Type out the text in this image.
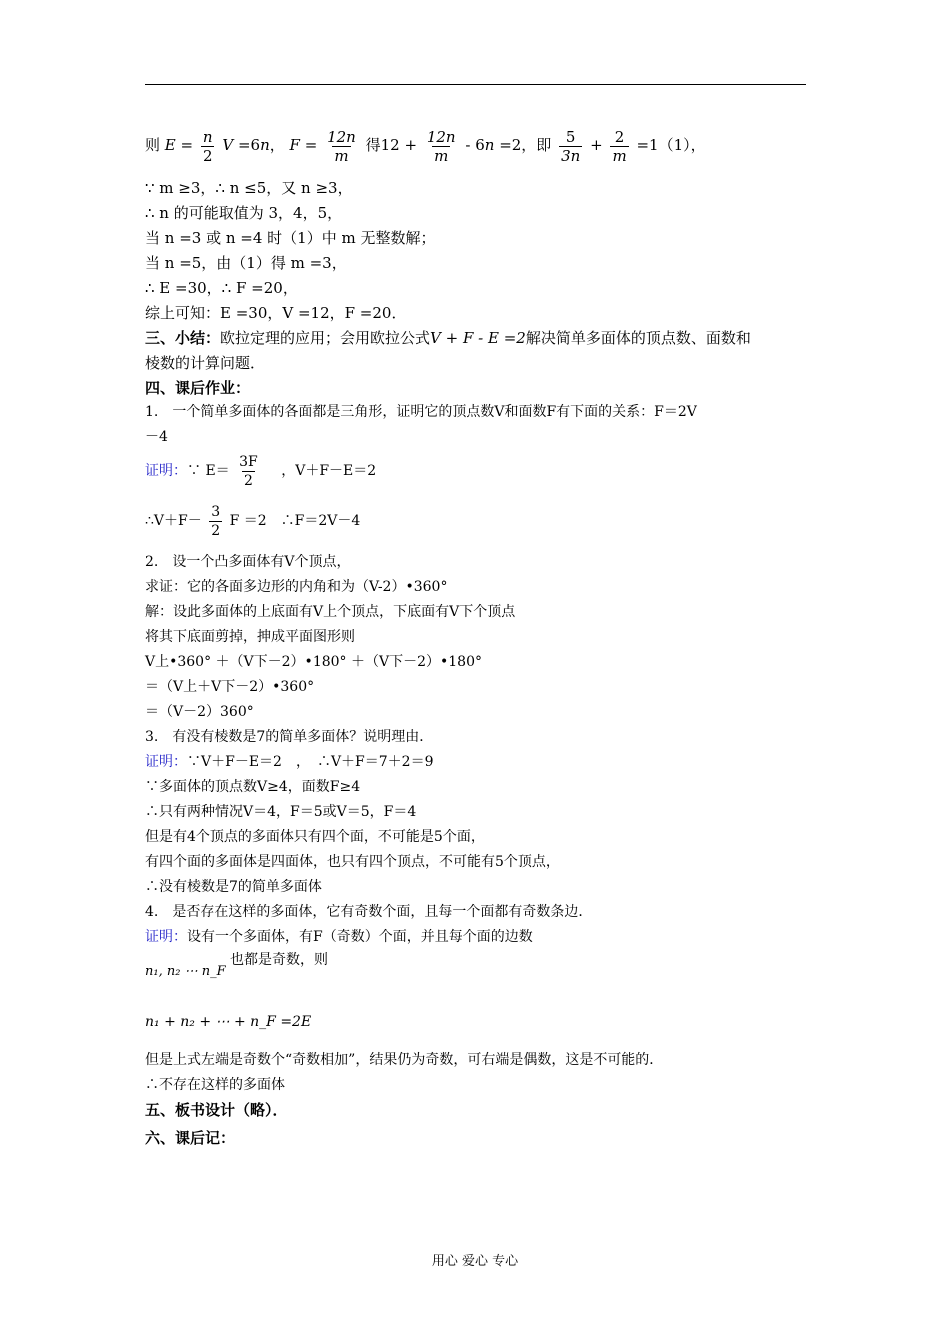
则 $E = \frac{n}{2}$ V =6n， $F = \frac{12n}{m}$ 得$12 + \frac{12n}{m} - 6n =2$，即 $\frac{5}{3n} + \frac{2}{m} =1(1)$，
∵ m ≥3，∴ n ≤5，又 n ≥3，
∴ n 的可能取值为 3，4，5，
当 n =3 或 n =4 时（1）中 m 无整数解；
当 n =5，由（1）得 m =3，
∴ E =30，∴ F =20，
综上可知：E =30，V =12，F =20．
三、小结：欧拉定理的应用；会用欧拉公式V + F - E =2解决简单多面体的顶点数、面数和
棱数的计算问题．
四、课后作业：
1.　一个简单多面体的各面都是三角形，证明它的顶点数V和面数F有下面的关系：F＝2V
－4
证明：∵ $E= \frac{3F}{2}$ ，V＋F－E＝2
∴V＋F－ $\frac{3}{2}$ F ＝2　∴F＝2V－4
2.　设一个凸多面体有V个顶点，
求证：它的各面多边形的内角和为（V-2）•360°
解：设此多面体的上底面有V上个顶点，下底面有V下个顶点
将其下底面剪掉，抻成平面图形则
V上•360° ＋（V下－2）•180° ＋（V下－2）•180°
＝（V上＋V下－2）•360°
＝（V－2）360°
3.　有没有棱数是7的简单多面体？说明理由．
证明：∵V＋F－E＝2　，　∴V＋F＝7＋2＝9
∵多面体的顶点数V≥4，面数F≥4
∴只有两种情况V＝4，F＝5或V＝5，F＝4
但是有4个顶点的多面体只有四个面，不可能是5个面，
有四个面的多面体是四面体，也只有四个顶点，不可能有5个顶点，
∴没有棱数是7的简单多面体
4.　是否存在这样的多面体，它有奇数个面，且每一个面都有奇数条边．
证明：设有一个多面体，有F（奇数）个面，并且每个面的边数
n₁, n₂ ⋯ n_F
也都是奇数，则
n₁ + n₂ + ⋯ + n_F =2E
但是上式左端是奇数个“奇数相加”，结果仍为奇数，可右端是偶数，这是不可能的．
∴不存在这样的多面体
五、板书设计（略）．
六、课后记：
用心 爱心 专心
